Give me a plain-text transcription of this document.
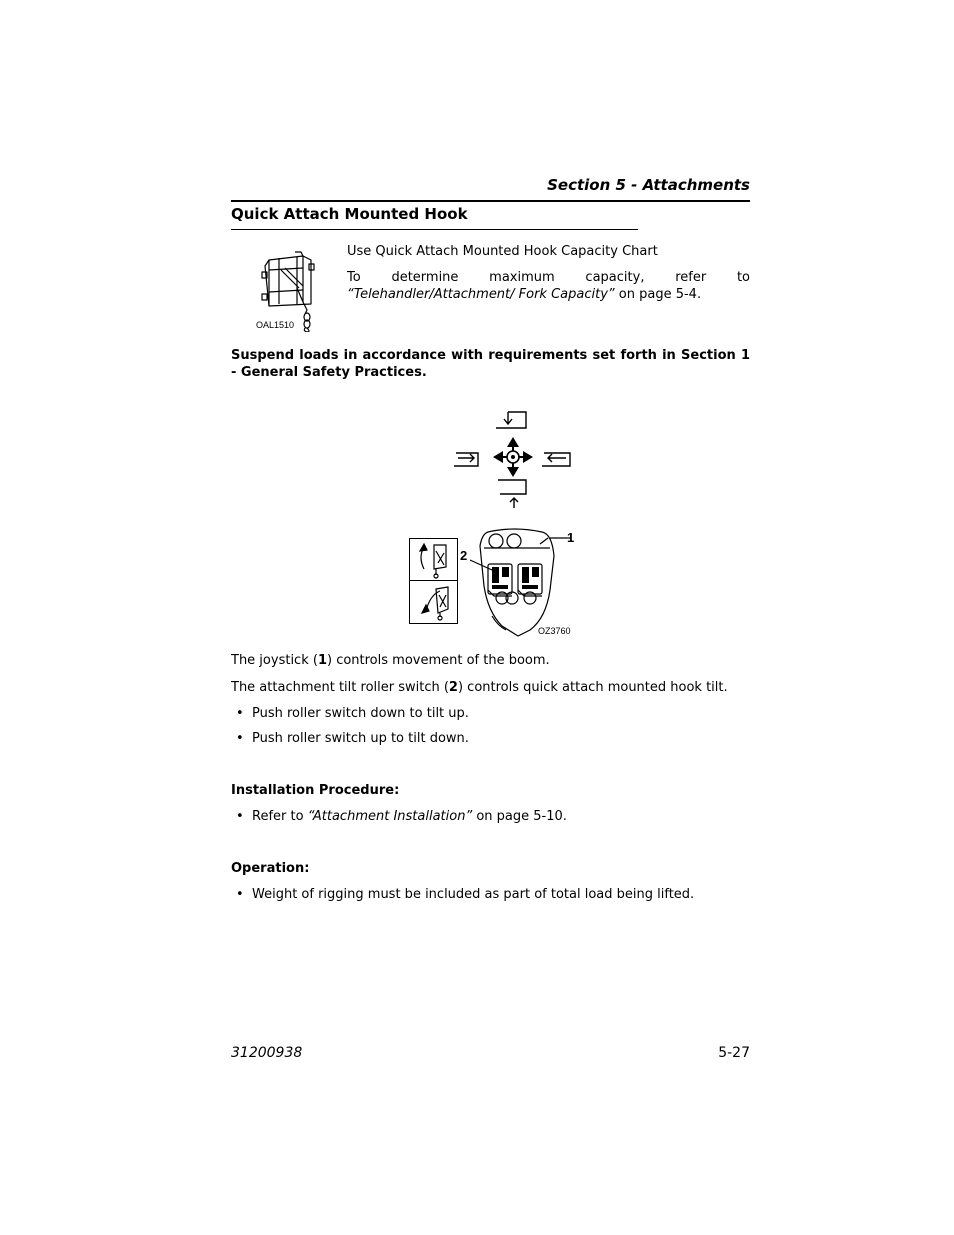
Section 5 - Attachments
Quick Attach Mounted Hook
OAL1510
Use Quick Attach Mounted Hook Capacity Chart
To determine maximum capacity, refer to “Telehandler/Attachment/ Fork Capacity” on page 5-4.
Suspend loads in accordance with requirements set forth in Section 1 - General Safety Practices.
1
2
OZ3760
The joystick (1) controls movement of the boom.
The attachment tilt roller switch (2) controls quick attach mounted hook tilt.
• Push roller switch down to tilt up.
• Push roller switch up to tilt down.
Installation Procedure:
• Refer to “Attachment Installation” on page 5-10.
Operation:
• Weight of rigging must be included as part of total load being lifted.
31200938	5-27
